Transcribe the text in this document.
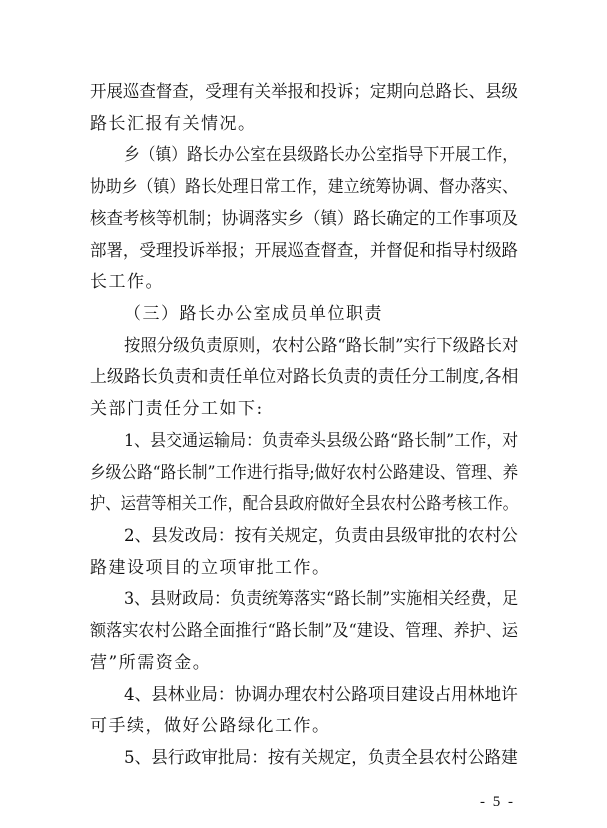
开展巡查督查，受理有关举报和投诉；定期向总路长、县级
路长汇报有关情况。
乡（镇）路长办公室在县级路长办公室指导下开展工作，
协助乡（镇）路长处理日常工作，建立统筹协调、督办落实、
核查考核等机制；协调落实乡（镇）路长确定的工作事项及
部署，受理投诉举报；开展巡查督查，并督促和指导村级路
长工作。
（三）路长办公室成员单位职责
按照分级负责原则，农村公路“路长制”实行下级路长对
上级路长负责和责任单位对路长负责的责任分工制度,各相
关部门责任分工如下:
1、县交通运输局：负责牵头县级公路“路长制”工作，对
乡级公路“路长制”工作进行指导;做好农村公路建设、管理、养
护、运营等相关工作，配合县政府做好全县农村公路考核工作。
2、县发改局：按有关规定，负责由县级审批的农村公
路建设项目的立项审批工作。
3、县财政局：负责统筹落实“路长制”实施相关经费，足
额落实农村公路全面推行“路长制”及“建设、管理、养护、运
营”所需资金。
- 5 -
4、县林业局：协调办理农村公路项目建设占用林地许
可手续，做好公路绿化工作。
5、县行政审批局：按有关规定，负责全县农村公路建
